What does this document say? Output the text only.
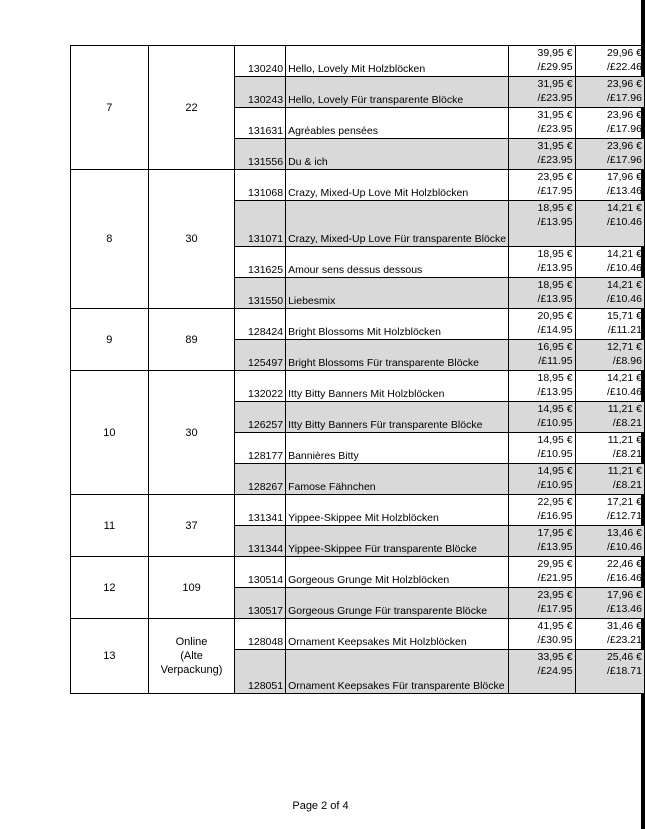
7	22	130240	Hello, Lovely Mit Holzblöcken	39,95 €
/£29.95	29,96 €
/£22.46

		130243	Hello, Lovely Für transparente Blöcke	31,95 €
/£23.95	23,96 €
/£17.96

		131631	Agréables pensées	31,95 €
/£23.95	23,96 €
/£17.96

		131556	Du & ich	31,95 €
/£23.95	23,96 €
/£17.96

8	30	131068	Crazy, Mixed-Up Love Mit Holzblöcken	23,95 €
/£17.95	17,96 €
/£13.46

		131071	Crazy, Mixed-Up Love Für transparente Blöcke	18,95 €
/£13.95	14,21 €
/£10.46

		131625	Amour sens dessus dessous	18,95 €
/£13.95	14,21 €
/£10.46

		131550	Liebesmix	18,95 €
/£13.95	14,21 €
/£10.46

9	89	128424	Bright Blossoms Mit Holzblöcken	20,95 €
/£14.95	15,71 €
/£11.21

		125497	Bright Blossoms Für transparente Blöcke	16,95 €
/£11.95	12,71 €
/£8.96

10	30	132022	Itty Bitty Banners Mit Holzblöcken	18,95 €
/£13.95	14,21 €
/£10.46

		126257	Itty Bitty Banners Für transparente Blöcke	14,95 €
/£10.95	11,21 €
/£8.21

		128177	Bannières Bitty	14,95 €
/£10.95	11,21 €
/£8.21

		128267	Famose Fähnchen	14,95 €
/£10.95	11,21 €
/£8.21

11	37	131341	Yippee-Skippee Mit Holzblöcken	22,95 €
/£16.95	17,21 €
/£12.71

		131344	Yippee-Skippee Für transparente Blöcke	17,95 €
/£13.95	13,46 €
/£10.46

12	109	130514	Gorgeous Grunge Mit Holzblöcken	29,95 €
/£21.95	22,46 €
/£16.46

		130517	Gorgeous Grunge Für transparente Blöcke	23,95 €
/£17.95	17,96 €
/£13.46

13	Online
(Alte
Verpackung)	128048	Ornament Keepsakes Mit Holzblöcken	41,95 €
/£30.95	31,46 €
/£23.21

		128051	Ornament Keepsakes Für transparente Blöcke	33,95 €
/£24.95	25,46 €
/£18.71
Page 2 of 4
